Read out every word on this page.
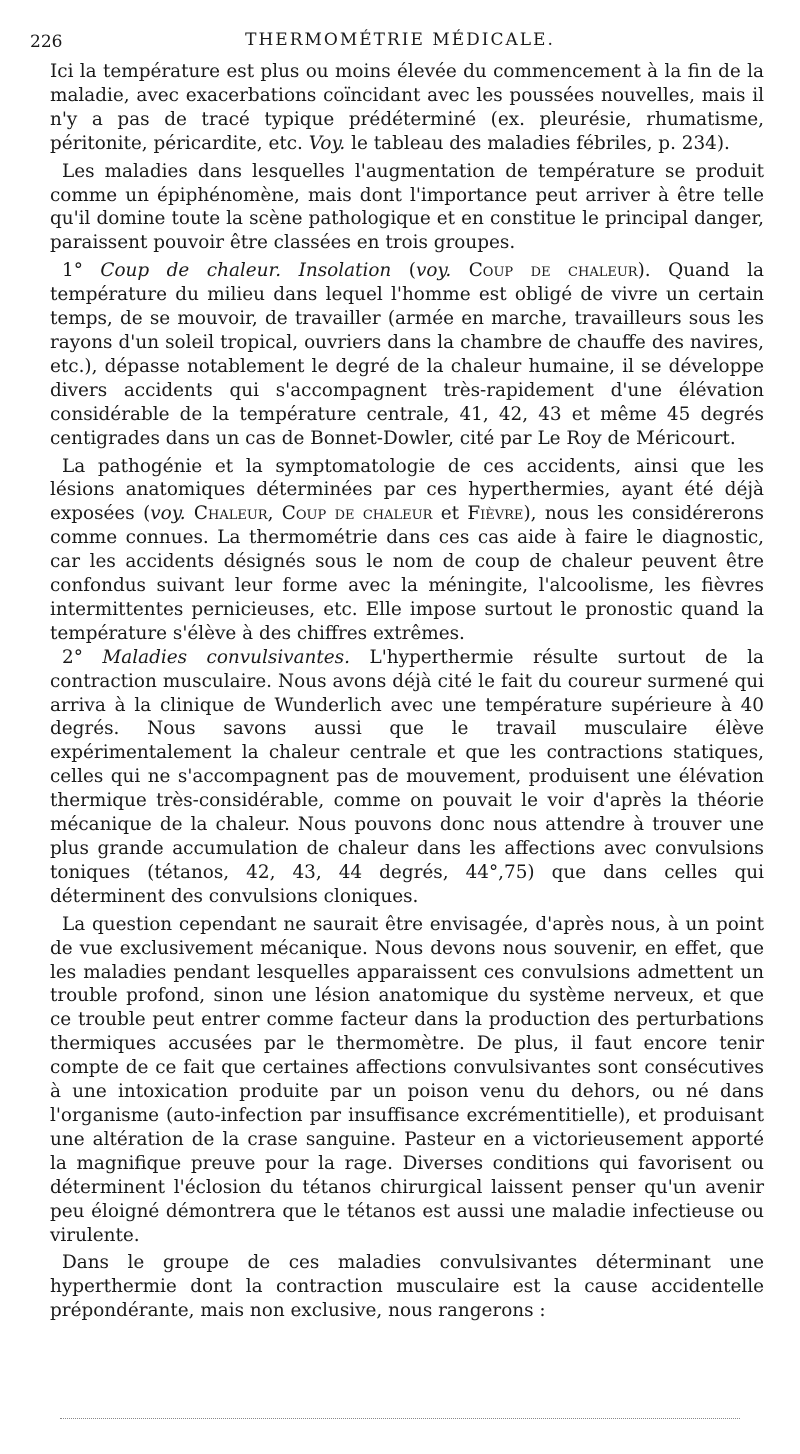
226	THERMOMÉTRIE MÉDICALE.

Ici la température est plus ou moins élevée du commencement à la fin de la maladie, avec exacerbations coïncidant avec les poussées nouvelles, mais il n'y a pas de tracé typique prédéterminé (ex. pleurésie, rhumatisme, péritonite, péricardite, etc. Voy. le tableau des maladies fébriles, p. 234).

Les maladies dans lesquelles l'augmentation de température se produit comme un épiphénomène, mais dont l'importance peut arriver à être telle qu'il domine toute la scène pathologique et en constitue le principal danger, paraissent pouvoir être classées en trois groupes.

1° Coup de chaleur. Insolation (voy. Coup de chaleur). Quand la température du milieu dans lequel l'homme est obligé de vivre un certain temps, de se mouvoir, de travailler (armée en marche, travailleurs sous les rayons d'un soleil tropical, ouvriers dans la chambre de chauffe des navires, etc.), dépasse notablement le degré de la chaleur humaine, il se développe divers accidents qui s'accompagnent très-rapidement d'une élévation considérable de la température centrale, 41, 42, 43 et même 45 degrés centigrades dans un cas de Bonnet-Dowler, cité par Le Roy de Méricourt.

La pathogénie et la symptomatologie de ces accidents, ainsi que les lésions anatomiques déterminées par ces hyperthermies, ayant été déjà exposées (voy. Chaleur, Coup de chaleur et Fièvre), nous les considérerons comme connues. La thermométrie dans ces cas aide à faire le diagnostic, car les accidents désignés sous le nom de coup de chaleur peuvent être confondus suivant leur forme avec la méningite, l'alcoolisme, les fièvres intermittentes pernicieuses, etc. Elle impose surtout le pronostic quand la température s'élève à des chiffres extrêmes.

2° Maladies convulsivantes. L'hyperthermie résulte surtout de la contraction musculaire. Nous avons déjà cité le fait du coureur surmené qui arriva à la clinique de Wunderlich avec une température supérieure à 40 degrés. Nous savons aussi que le travail musculaire élève expérimentalement la chaleur centrale et que les contractions statiques, celles qui ne s'accompagnent pas de mouvement, produisent une élévation thermique très-considérable, comme on pouvait le voir d'après la théorie mécanique de la chaleur. Nous pouvons donc nous attendre à trouver une plus grande accumulation de chaleur dans les affections avec convulsions toniques (tétanos, 42, 43, 44 degrés, 44°,75) que dans celles qui déterminent des convulsions cloniques.

La question cependant ne saurait être envisagée, d'après nous, à un point de vue exclusivement mécanique. Nous devons nous souvenir, en effet, que les maladies pendant lesquelles apparaissent ces convulsions admettent un trouble profond, sinon une lésion anatomique du système nerveux, et que ce trouble peut entrer comme facteur dans la production des perturbations thermiques accusées par le thermomètre. De plus, il faut encore tenir compte de ce fait que certaines affections convulsivantes sont consécutives à une intoxication produite par un poison venu du dehors, ou né dans l'organisme (auto-infection par insuffisance excrémentitielle), et produisant une altération de la crase sanguine. Pasteur en a victorieusement apporté la magnifique preuve pour la rage. Diverses conditions qui favorisent ou déterminent l'éclosion du tétanos chirurgical laissent penser qu'un avenir peu éloigné démontrera que le tétanos est aussi une maladie infectieuse ou virulente.

Dans le groupe de ces maladies convulsivantes déterminant une hyperthermie dont la contraction musculaire est la cause accidentelle prépondérante, mais non exclusive, nous rangerons :
